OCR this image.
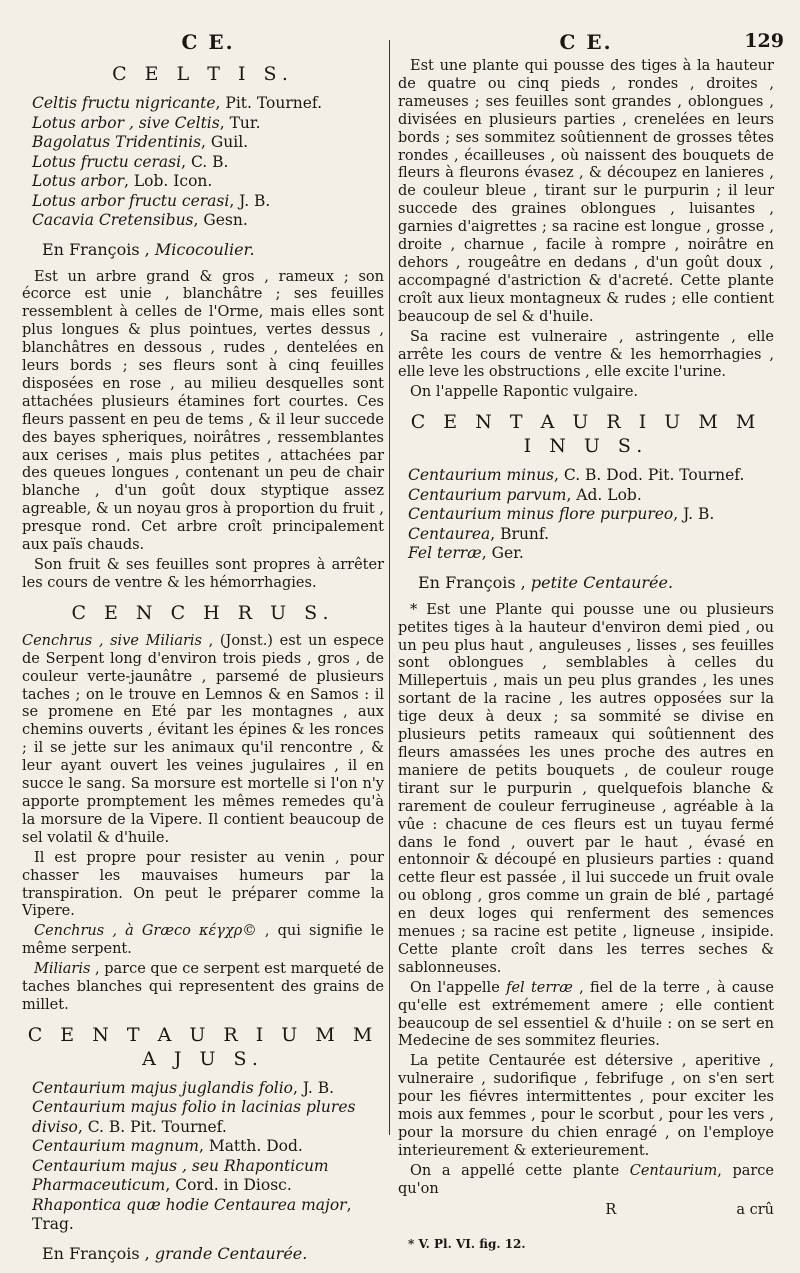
C E.
C E L T I S.

Celtis fructu nigricante, Pit. Tournef.

Lotus arbor , sive Celtis, Tur.

Bagolatus Tridentinis, Guil.

Lotus fructu cerasi, C. B.

Lotus arbor, Lob. Icon.

Lotus arbor fructu cerasi, J. B.

Cacavia Cretensibus, Gesn.

En François , Micocoulier.

Est un arbre grand & gros , rameux ; son écorce est unie , blanchâtre ; ses feuilles ressemblent à celles de l'Orme, mais elles sont plus longues & plus pointues, vertes dessus , blanchâtres en dessous , rudes , dentelées en leurs bords ; ses fleurs sont à cinq feuilles disposées en rose , au milieu desquelles sont attachées plusieurs étamines fort courtes. Ces fleurs passent en peu de tems , & il leur succede des bayes spheriques, noirâtres , ressemblantes aux cerises , mais plus petites , attachées par des queues longues , contenant un peu de chair blanche , d'un goût doux styptique assez agreable, & un noyau gros à proportion du fruit , presque rond. Cet arbre croît principalement aux païs chauds.

Son fruit & ses feuilles sont propres à arrêter les cours de ventre & les hémorrhagies.

C E N C H R U S.

Cenchrus , sive Miliaris , (Jonst.) est un espece de Serpent long d'environ trois pieds , gros , de couleur verte-jaunâtre , parsemé de plusieurs taches ; on le trouve en Lemnos & en Samos : il se promene en Eté par les montagnes , aux chemins ouverts , évitant les épines & les ronces ; il se jette sur les animaux qu'il rencontre , & leur ayant ouvert les veines jugulaires , il en succe le sang. Sa morsure est mortelle si l'on n'y apporte promptement les mêmes remedes qu'à la morsure de la Vipere. Il contient beaucoup de sel volatil & d'huile.

Il est propre pour resister au venin , pour chasser les mauvaises humeurs par la transpiration. On peut le préparer comme la Vipere.

Cenchrus , à Græco κέγχρ© , qui signifie le même serpent.

Miliaris , parce que ce serpent est marqueté de taches blanches qui representent des grains de millet.

C E N T A U R I U M M A J U S.

Centaurium majus juglandis folio, J. B.

Centaurium majus folio in lacinias plures diviso, C. B. Pit. Tournef.

Centaurium magnum, Matth. Dod.

Centaurium majus , seu Rhaponticum Pharmaceuticum, Cord. in Diosc.

Rhapontica quæ hodie Centaurea major, Trag.

En François , grande Centaurée.
C E.	129

Est une plante qui pousse des tiges à la hauteur de quatre ou cinq pieds , rondes , droites , rameuses ; ses feuilles sont grandes , oblongues , divisées en plusieurs parties , crenelées en leurs bords ; ses sommitez soûtiennent de grosses têtes rondes , écailleuses , où naissent des bouquets de fleurs à fleurons évasez , & découpez en lanieres , de couleur bleue , tirant sur le purpurin ; il leur succede des graines oblongues , luisantes , garnies d'aigrettes ; sa racine est longue , grosse , droite , charnue , facile à rompre , noirâtre en dehors , rougeâtre en dedans , d'un goût doux , accompagné d'astriction & d'acreté. Cette plante croît aux lieux montagneux & rudes ; elle contient beaucoup de sel & d'huile.

Sa racine est vulneraire , astringente , elle arrête les cours de ventre & les hemorrhagies , elle leve les obstructions , elle excite l'urine.

On l'appelle Rapontic vulgaire.

C E N T A U R I U M M I N U S.

Centaurium minus, C. B. Dod. Pit. Tournef.

Centaurium parvum, Ad. Lob.

Centaurium minus flore purpureo, J. B.

Centaurea, Brunf.

Fel terræ, Ger.

En François , petite Centaurée.

* Est une Plante qui pousse une ou plusieurs petites tiges à la hauteur d'environ demi pied , ou un peu plus haut , anguleuses , lisses , ses feuilles sont oblongues , semblables à celles du Millepertuis , mais un peu plus grandes , les unes sortant de la racine , les autres opposées sur la tige deux à deux ; sa sommité se divise en plusieurs petits rameaux qui soûtiennent des fleurs amassées les unes proche des autres en maniere de petits bouquets , de couleur rouge tirant sur le purpurin , quelquefois blanche & rarement de couleur ferrugineuse , agréable à la vûe : chacune de ces fleurs est un tuyau fermé dans le fond , ouvert par le haut , évasé en entonnoir & découpé en plusieurs parties : quand cette fleur est passée , il lui succede un fruit ovale ou oblong , gros comme un grain de blé , partagé en deux loges qui renferment des semences menues ; sa racine est petite , ligneuse , insipide. Cette plante croît dans les terres seches & sablonneuses.

On l'appelle fel terræ , fiel de la terre , à cause qu'elle est extrémement amere ; elle contient beaucoup de sel essentiel & d'huile : on se sert en Medecine de ses sommitez fleuries.

La petite Centaurée est détersive , aperitive , vulneraire , sudorifique , febrifuge , on s'en sert pour les fiévres intermittentes , pour exciter les mois aux femmes , pour le scorbut , pour les vers , pour la morsure du chien enragé , on l'employe interieurement & exterieurement.

On a appellé cette plante Centaurium, parce qu'on

R	a crû

* V. Pl. VI. fig. 12.
